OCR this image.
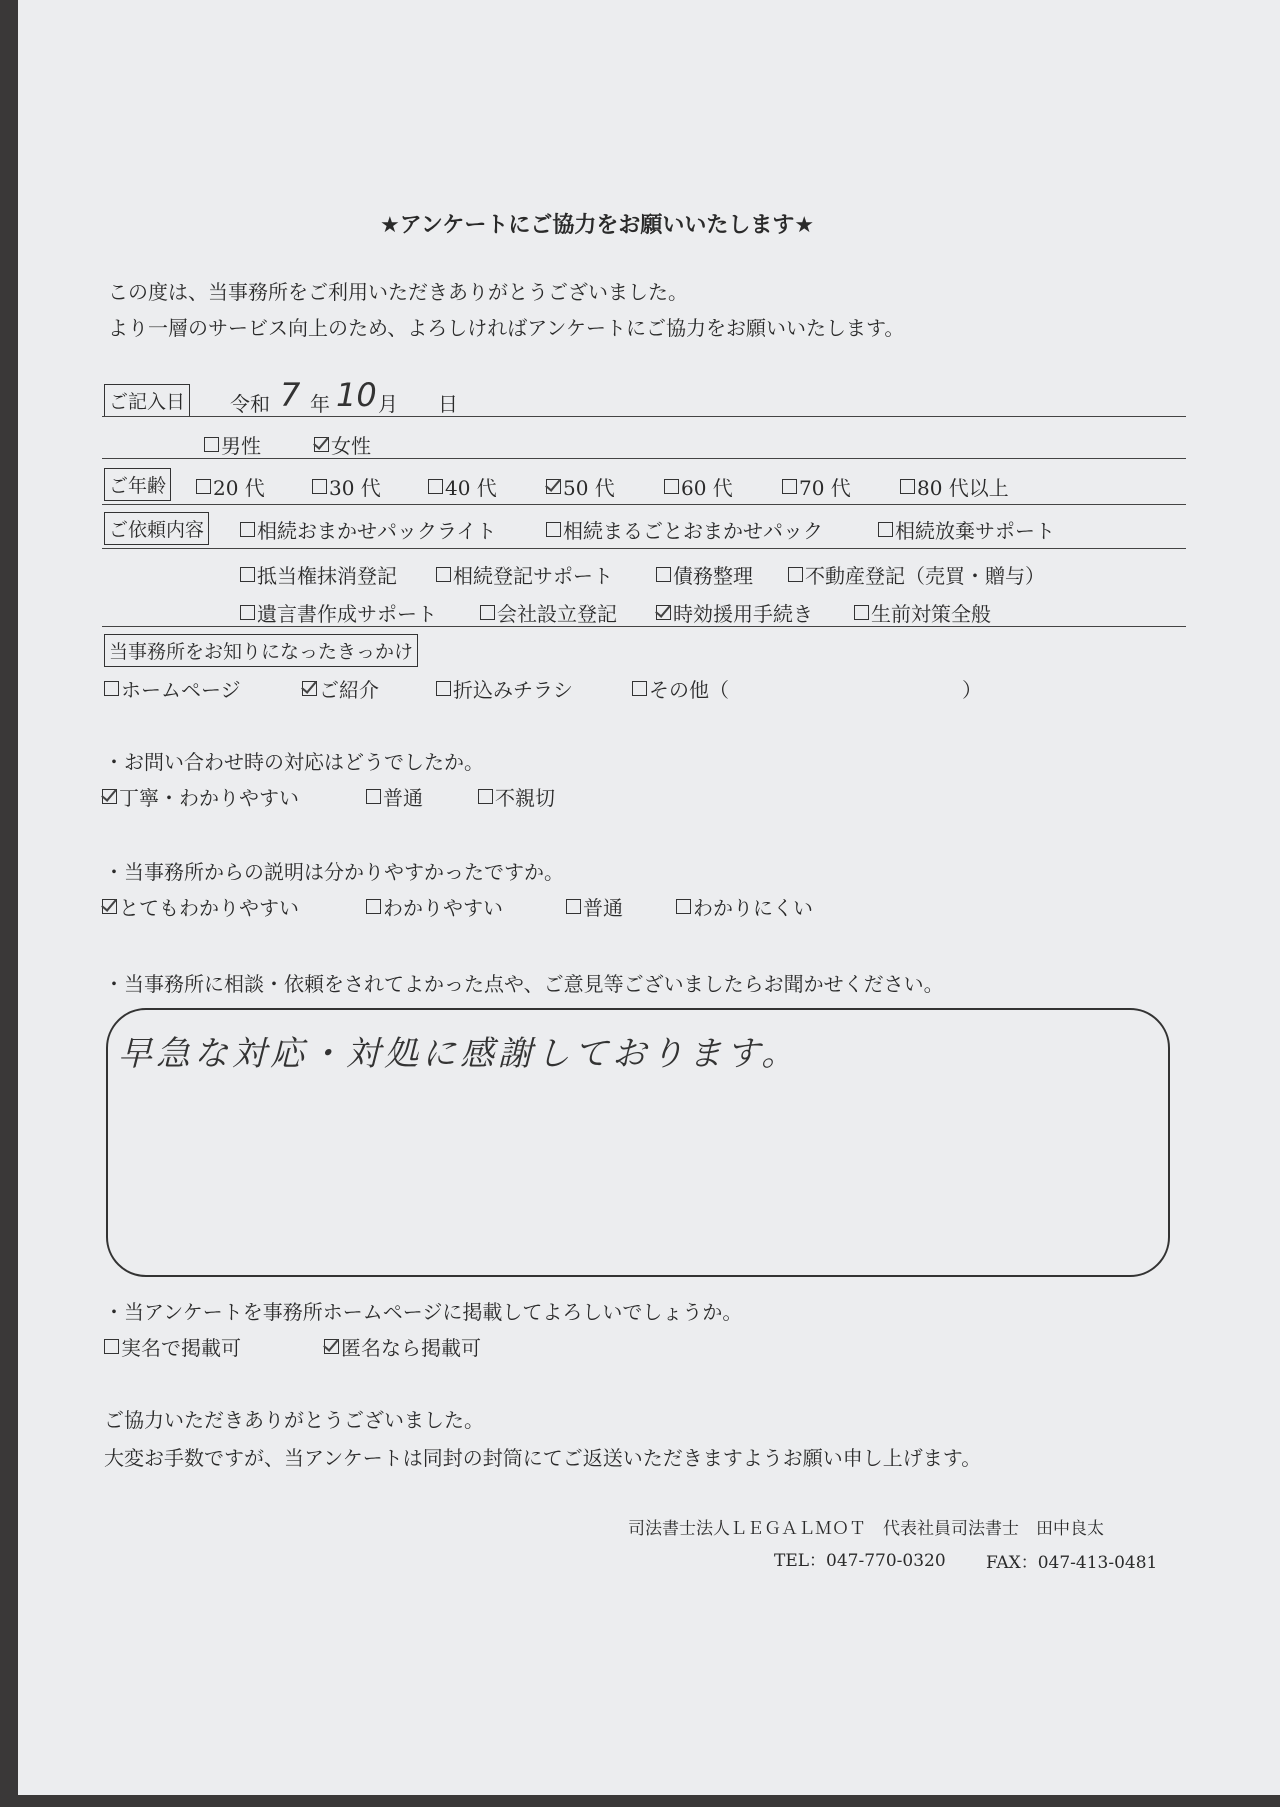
★アンケートにご協力をお願いいたします★
この度は、当事務所をご利用いただきありがとうございました。
より一層のサービス向上のため、よろしければアンケートにご協力をお願いいたします。
ご記入日 令和 7 年 10 月 日
男性	女性
ご年齢 20 代	30 代	40 代	50 代	60 代	70 代	80 代以上
ご依頼内容	相続おまかせパックライト	相続まるごとおまかせパック	相続放棄サポート
抵当権抹消登記	相続登記サポート	債務整理	不動産登記（売買・贈与）
遺言書作成サポート	会社設立登記	時効援用手続き	生前対策全般
当事務所をお知りになったきっかけ
ホームページ	ご紹介	折込みチラシ	その他（	）
・お問い合わせ時の対応はどうでしたか。
丁寧・わかりやすい	普通	不親切
・当事務所からの説明は分かりやすかったですか。
とてもわかりやすい	わかりやすい	普通	わかりにくい
・当事務所に相談・依頼をされてよかった点や、ご意見等ございましたらお聞かせください。
早急な対応・対処に感謝しております。
・当アンケートを事務所ホームページに掲載してよろしいでしょうか。
実名で掲載可	匿名なら掲載可
ご協力いただきありがとうございました。
大変お手数ですが、当アンケートは同封の封筒にてご返送いただきますようお願い申し上げます。
司法書士法人ＬＥＧＡＬＭＯＴ　代表社員司法書士　田中良太
TEL：047-770-0320 FAX：047-413-0481
